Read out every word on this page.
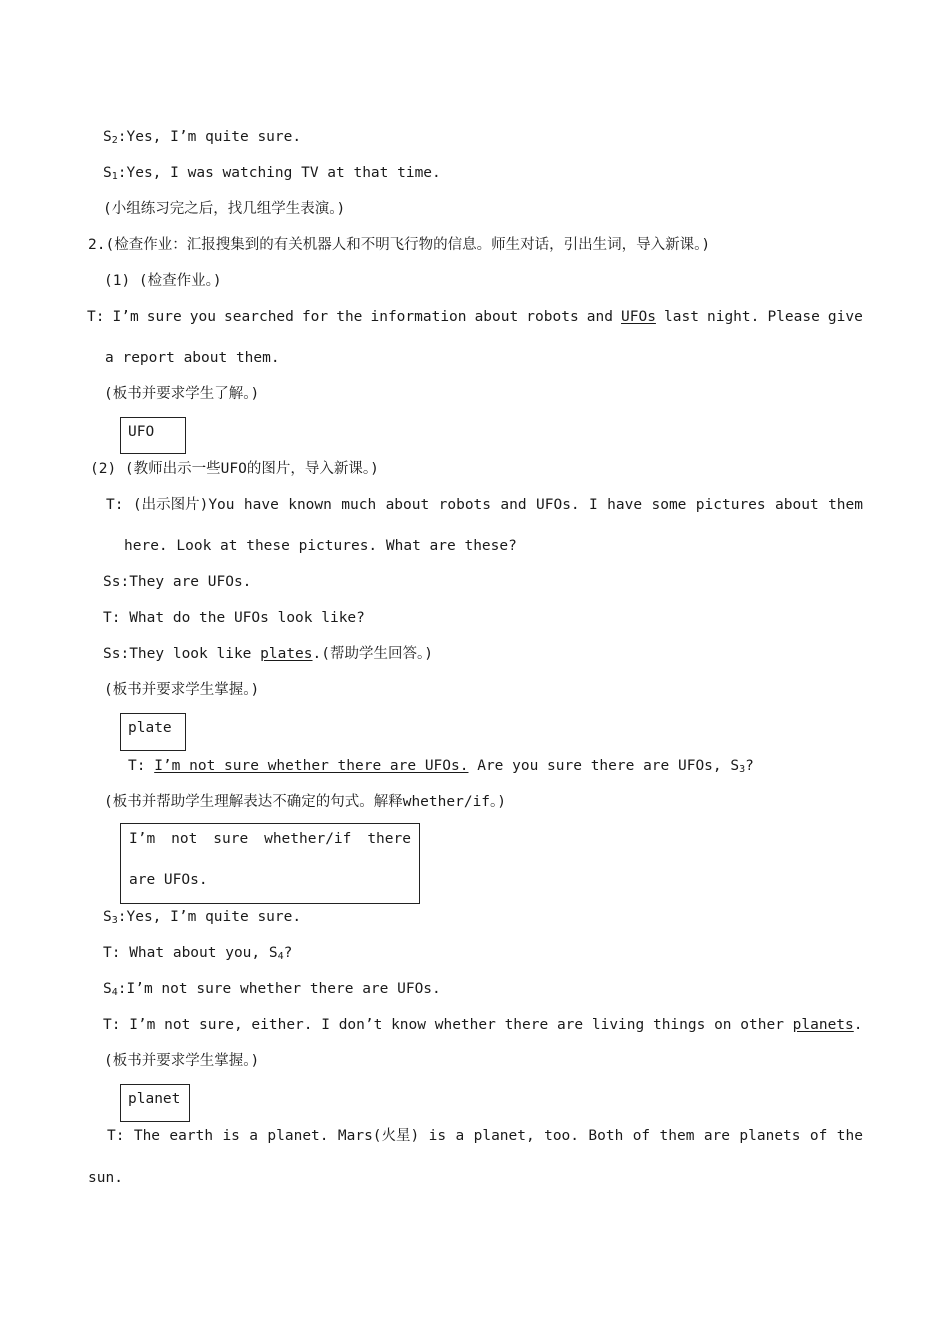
$S_2:Yes$, I’m quite sure.
$S_1:Yes$, I was watching TV at that time.
(小组练习完之后，找几组学生表演。)
2.(检查作业：汇报搜集到的有关机器人和不明飞行物的信息。师生对话，引出生词，导入新课。)
(1) (检查作业。)
T: I’m sure you searched for the information about robots and UFOs last night. Please give
a report about them.
(板书并要求学生了解。)
UFO
(2) (教师出示一些UFO的图片，导入新课。)
T: (出示图片)You have known much about robots and UFOs. I have some pictures about them
here. Look at these pictures. What are these?
Ss:They are UFOs.
T: What do the UFOs look like?
Ss:They look like plates.(帮助学生回答。)
(板书并要求学生掌握。)
plate
T: I’m not sure whether there are UFOs. Are you sure there are UFOs, $S_3$?
(板书并帮助学生理解表达不确定的句式。解释whether/if。)
I’m not sure whether/if there
are UFOs.
$S_3:Yes$, I’m quite sure.
T: What about you, $S_4$?
$S_4:I’m$ not sure whether there are UFOs.
T: I’m not sure, either. I don’t know whether there are living things on other planets.
(板书并要求学生掌握。)
planet
T: The earth is a planet. Mars(火星) is a planet, too. Both of them are planets of the
sun.
